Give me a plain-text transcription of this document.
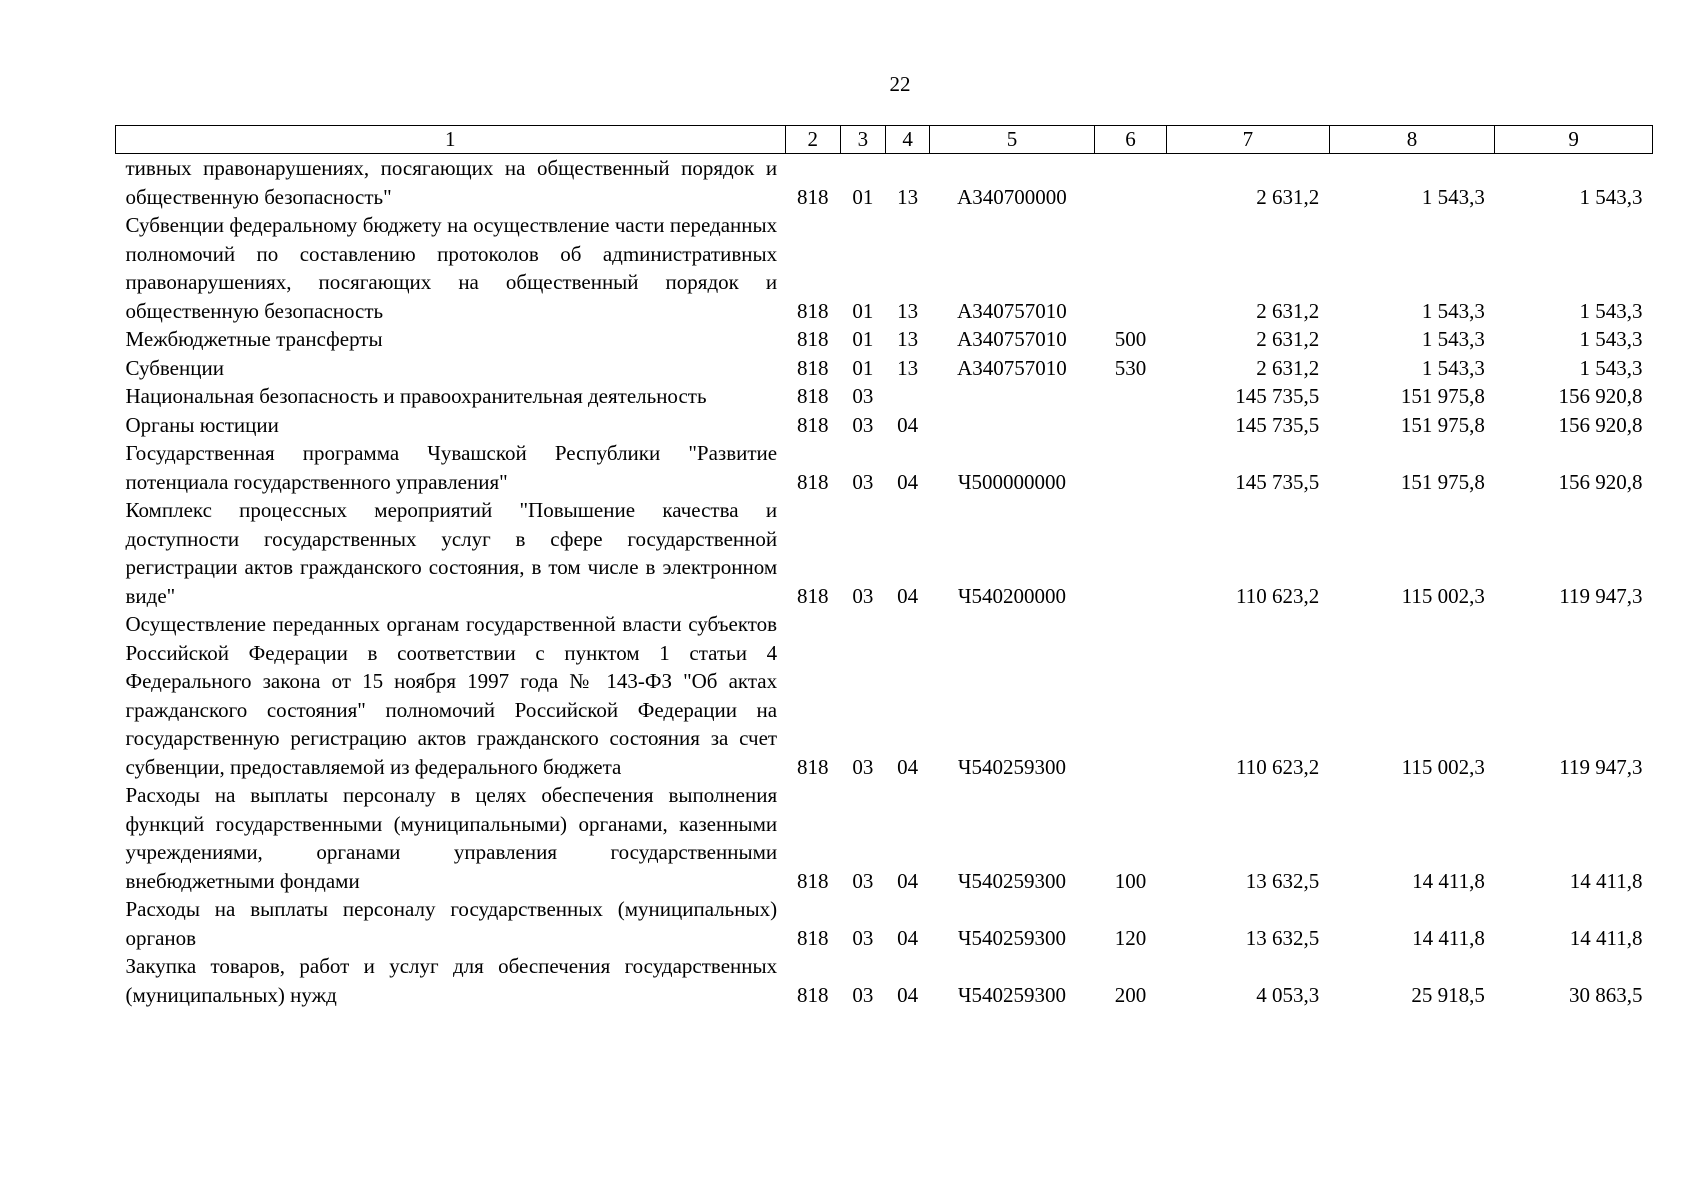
22
1	2	3	4	5	6	7	8	9
тивных правонарушениях, посягающих на общественный порядок и общественную безопасность"	818	01	13	А340700000		2 631,2	1 543,3	1 543,3
Субвенции федеральному бюджету на осуществление части переданных полномочий по составлению протоколов об адmинистративных правонарушениях, посягающих на общественный порядок и общественную безопасность	818	01	13	А340757010		2 631,2	1 543,3	1 543,3
Межбюджетные трансферты	818	01	13	А340757010	500	2 631,2	1 543,3	1 543,3
Субвенции	818	01	13	А340757010	530	2 631,2	1 543,3	1 543,3
Национальная безопасность и правоохранительная деятельность	818	03				145 735,5	151 975,8	156 920,8
Органы юстиции	818	03	04			145 735,5	151 975,8	156 920,8
Государственная программа Чувашской Республики "Развитие потенциала государственного управления"	818	03	04	Ч500000000		145 735,5	151 975,8	156 920,8
Комплекс процессных мероприятий "Повышение качества и доступности государственных услуг в сфере государственной регистрации актов гражданского состояния, в том числе в электронном виде"	818	03	04	Ч540200000		110 623,2	115 002,3	119 947,3
Осуществление переданных органам государственной власти субъектов Российской Федерации в соответствии с пунктом 1 статьи 4 Федерального закона от 15 ноября 1997 года № 143-ФЗ "Об актах гражданского состояния" полномочий Российской Федерации на государственную регистрацию актов гражданского состояния за счет субвенции, предоставляемой из федерального бюджета	818	03	04	Ч540259300		110 623,2	115 002,3	119 947,3
Расходы на выплаты персоналу в целях обеспечения выполнения функций государственными (муниципальными) органами, казенными учреждениями, органами управления государственными внебюджетными фондами	818	03	04	Ч540259300	100	13 632,5	14 411,8	14 411,8
Расходы на выплаты персоналу государственных (муниципальных) органов	818	03	04	Ч540259300	120	13 632,5	14 411,8	14 411,8
Закупка товаров, работ и услуг для обеспечения государственных (муниципальных) нужд	818	03	04	Ч540259300	200	4 053,3	25 918,5	30 863,5
